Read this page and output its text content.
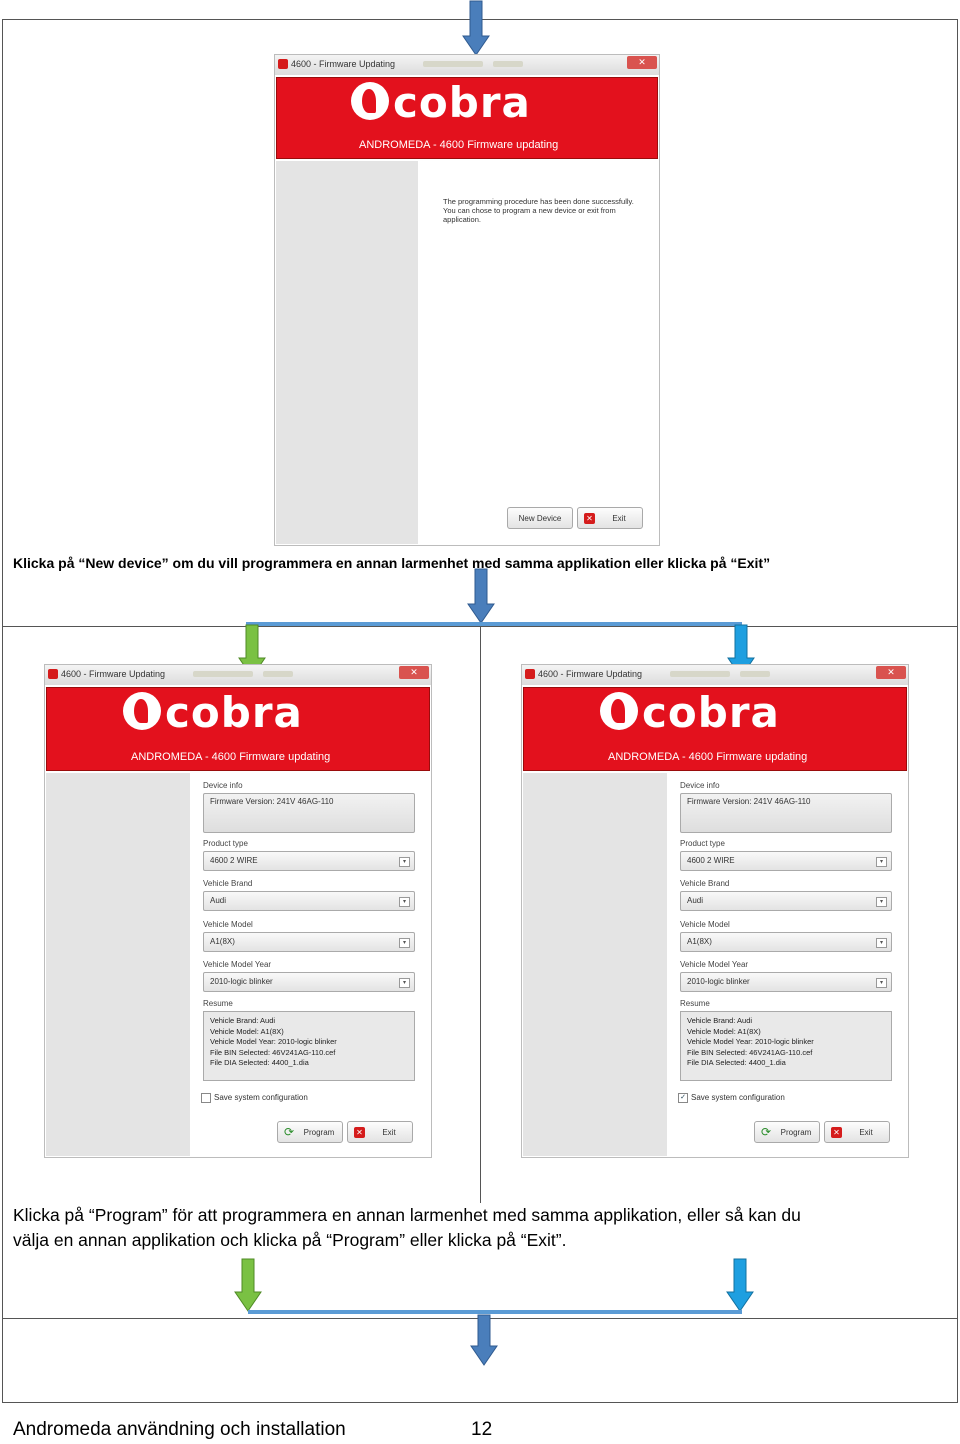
4600 - Firmware Updating	✕
cobra
ANDROMEDA - 4600 Firmware updating
The programming procedure has been done successfully. You can chose to program a new device or exit from application.
New Device	✕	Exit
Klicka på “New device” om du vill programmera en annan larmenhet med samma applikation eller klicka på “Exit”
4600 - Firmware Updating	✕
cobra
ANDROMEDA - 4600 Firmware updating
Device info
Firmware Version: 241V 46AG-110
Product type
4600 2 WIRE	▾
Vehicle Brand
Audi	▾
Vehicle Model
A1(8X)	▾
Vehicle Model Year
2010-logic blinker	▾
Resume
Vehicle Brand: Audi
Vehicle Model: A1(8X)
Vehicle Model Year: 2010-logic blinker
File BIN Selected: 46V241AG-110.cef
File DIA Selected: 4400_1.dia
Save system configuration
⟳	Program	✕	Exit
4600 - Firmware Updating	✕
cobra
ANDROMEDA - 4600 Firmware updating
Device info
Firmware Version: 241V 46AG-110
Product type
4600 2 WIRE	▾
Vehicle Brand
Audi	▾
Vehicle Model
A1(8X)	▾
Vehicle Model Year
2010-logic blinker	▾
Resume
Vehicle Brand: Audi
Vehicle Model: A1(8X)
Vehicle Model Year: 2010-logic blinker
File BIN Selected: 46V241AG-110.cef
File DIA Selected: 4400_1.dia
✓ Save system configuration
⟳	Program	✕	Exit
Klicka på “Program” för att programmera en annan larmenhet med samma applikation, eller så kan du
välja en annan applikation och klicka på “Program” eller klicka på “Exit”.
Andromeda användning och installation	12
